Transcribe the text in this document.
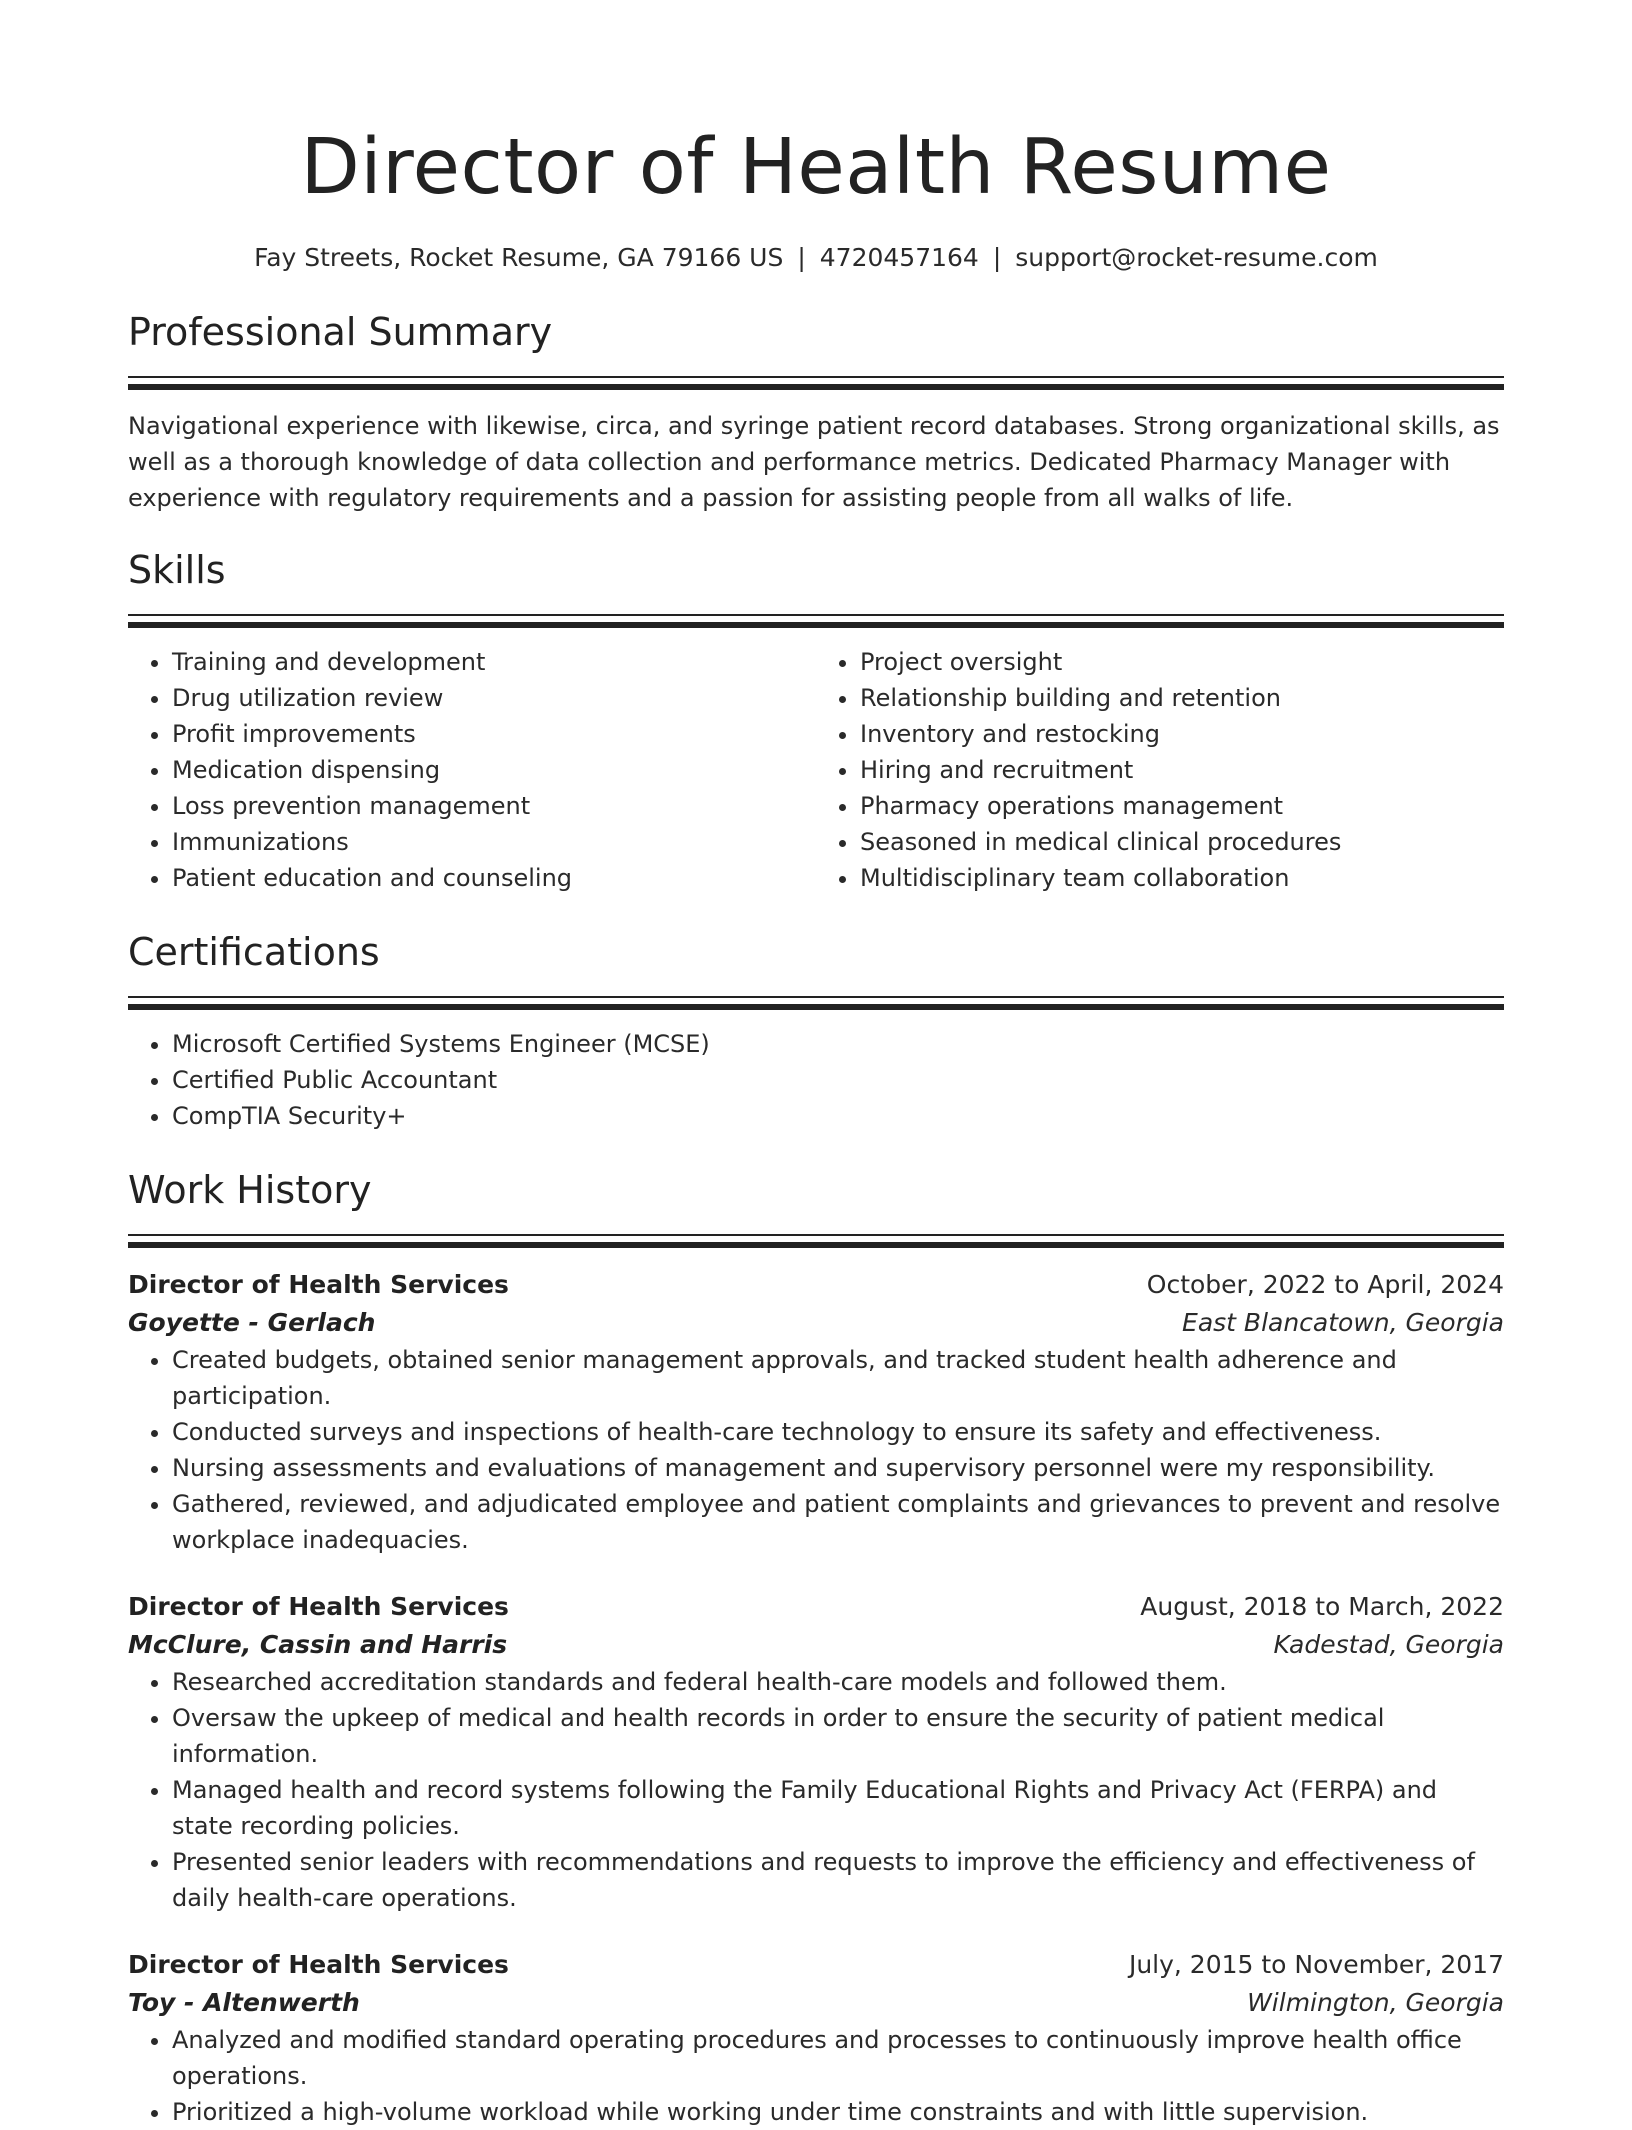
Director of Health Resume
Fay Streets, Rocket Resume, GA 79166 US | 4720457164 | support@rocket-resume.com
Professional Summary
Navigational experience with likewise, circa, and syringe patient record databases. Strong organizational skills, as well as a thorough knowledge of data collection and performance metrics. Dedicated Pharmacy Manager with experience with regulatory requirements and a passion for assisting people from all walks of life.
Skills
• Training and development
• Drug utilization review
• Profit improvements
• Medication dispensing
• Loss prevention management
• Immunizations
• Patient education and counseling
• Project oversight
• Relationship building and retention
• Inventory and restocking
• Hiring and recruitment
• Pharmacy operations management
• Seasoned in medical clinical procedures
• Multidisciplinary team collaboration
Certifications
• Microsoft Certified Systems Engineer (MCSE)
• Certified Public Accountant
• CompTIA Security+
Work History
Director of Health Services	October, 2022 to April, 2024
Goyette - Gerlach	East Blancatown, Georgia
• Created budgets, obtained senior management approvals, and tracked student health adherence and participation.
• Conducted surveys and inspections of health-care technology to ensure its safety and effectiveness.
• Nursing assessments and evaluations of management and supervisory personnel were my responsibility.
• Gathered, reviewed, and adjudicated employee and patient complaints and grievances to prevent and resolve workplace inadequacies.
Director of Health Services	August, 2018 to March, 2022
McClure, Cassin and Harris	Kadestad, Georgia
• Researched accreditation standards and federal health-care models and followed them.
• Oversaw the upkeep of medical and health records in order to ensure the security of patient medical information.
• Managed health and record systems following the Family Educational Rights and Privacy Act (FERPA) and state recording policies.
• Presented senior leaders with recommendations and requests to improve the efficiency and effectiveness of daily health-care operations.
Director of Health Services	July, 2015 to November, 2017
Toy - Altenwerth	Wilmington, Georgia
• Analyzed and modified standard operating procedures and processes to continuously improve health office operations.
• Prioritized a high-volume workload while working under time constraints and with little supervision.
